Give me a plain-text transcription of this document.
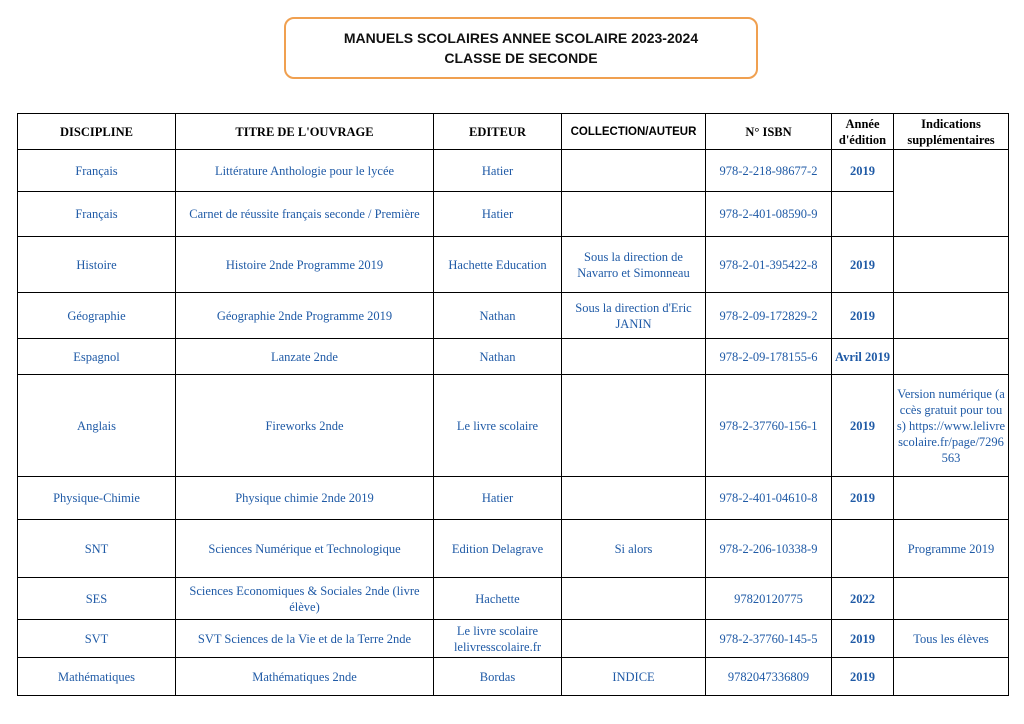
MANUELS SCOLAIRES ANNEE SCOLAIRE 2023-2024
CLASSE DE SECONDE
DISCIPLINE	TITRE DE L'OUVRAGE	EDITEUR	COLLECTION/AUTEUR	N° ISBN	Année d'édition	Indications supplémentaires
Français	Littérature Anthologie pour le lycée	Hatier		978-2-218-98677-2	2019	
Français	Carnet de réussite français seconde / Première	Hatier		978-2-401-08590-9		
Histoire	Histoire 2nde Programme 2019	Hachette Education	Sous la direction de Navarro et Simonneau	978-2-01-395422-8	2019	
Géographie	Géographie 2nde Programme 2019	Nathan	Sous la direction d'Eric JANIN	978-2-09-172829-2	2019	
Espagnol	Lanzate 2nde	Nathan		978-2-09-178155-6	Avril 2019	
Anglais	Fireworks 2nde	Le livre scolaire		978-2-37760-156-1	2019	Version numérique (accès gratuit pour tous) https://www.lelivrescolaire.fr/page/7296563
Physique-Chimie	Physique chimie 2nde 2019	Hatier		978-2-401-04610-8	2019	
SNT	Sciences Numérique et Technologique	Edition Delagrave	Si alors	978-2-206-10338-9		Programme 2019
SES	Sciences Economiques & Sociales 2nde (livre élève)	Hachette		97820120775	2022	
SVT	SVT Sciences de la Vie et de la Terre 2nde	Le livre scolaire lelivresscolaire.fr		978-2-37760-145-5	2019	Tous les élèves
Mathématiques	Mathématiques 2nde	Bordas	INDICE	9782047336809	2019	
